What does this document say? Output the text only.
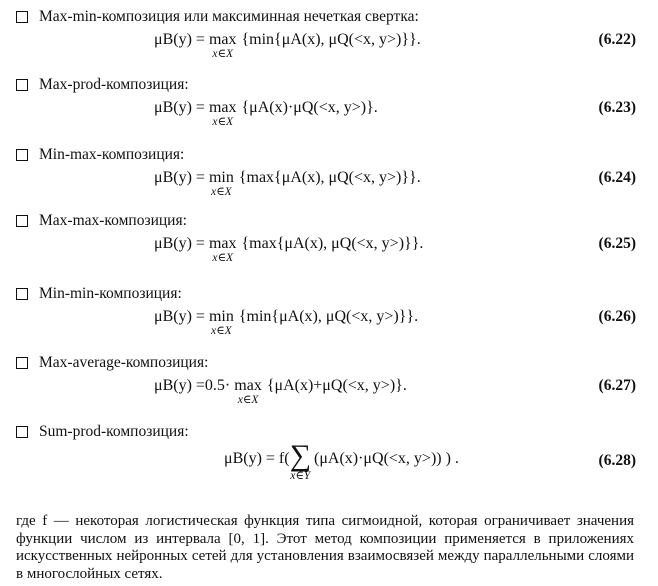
Max-min-композиция или максиминная нечеткая свертка:
μB(y) = max
x∈X
{min{μA(x), μQ(<x, y>)}}.	(6.22)
Max-prod-композиция:
μB(y) = max
x∈X
{μA(x)·μQ(<x, y>)}.	(6.23)
Min-max-композиция:
μB(y) = min
x∈X
{max{μA(x), μQ(<x, y>)}}.	(6.24)
Max-max-композиция:
μB(y) = max
x∈X
{max{μA(x), μQ(<x, y>)}}.	(6.25)
Min-min-композиция:
μB(y) = min
x∈X
{min{μA(x), μQ(<x, y>)}}.	(6.26)
Max-average-композиция:
μB(y) =0.5· max
x∈X
{μA(x)+μQ(<x, y>)}.	(6.27)
Sum-prod-композиция:
μB(y) = f( ∑
x∈Y
(μA(x)·μQ(<x, y>)) ) .	(6.28)

где f — некоторая логистическая функция типа сигмоидной, которая ограничивает значения функции числом из интервала [0, 1]. Этот метод композиции применяется в приложениях искусственных нейронных сетей для установления взаимосвязей между параллельными слоями в многослойных сетях.
